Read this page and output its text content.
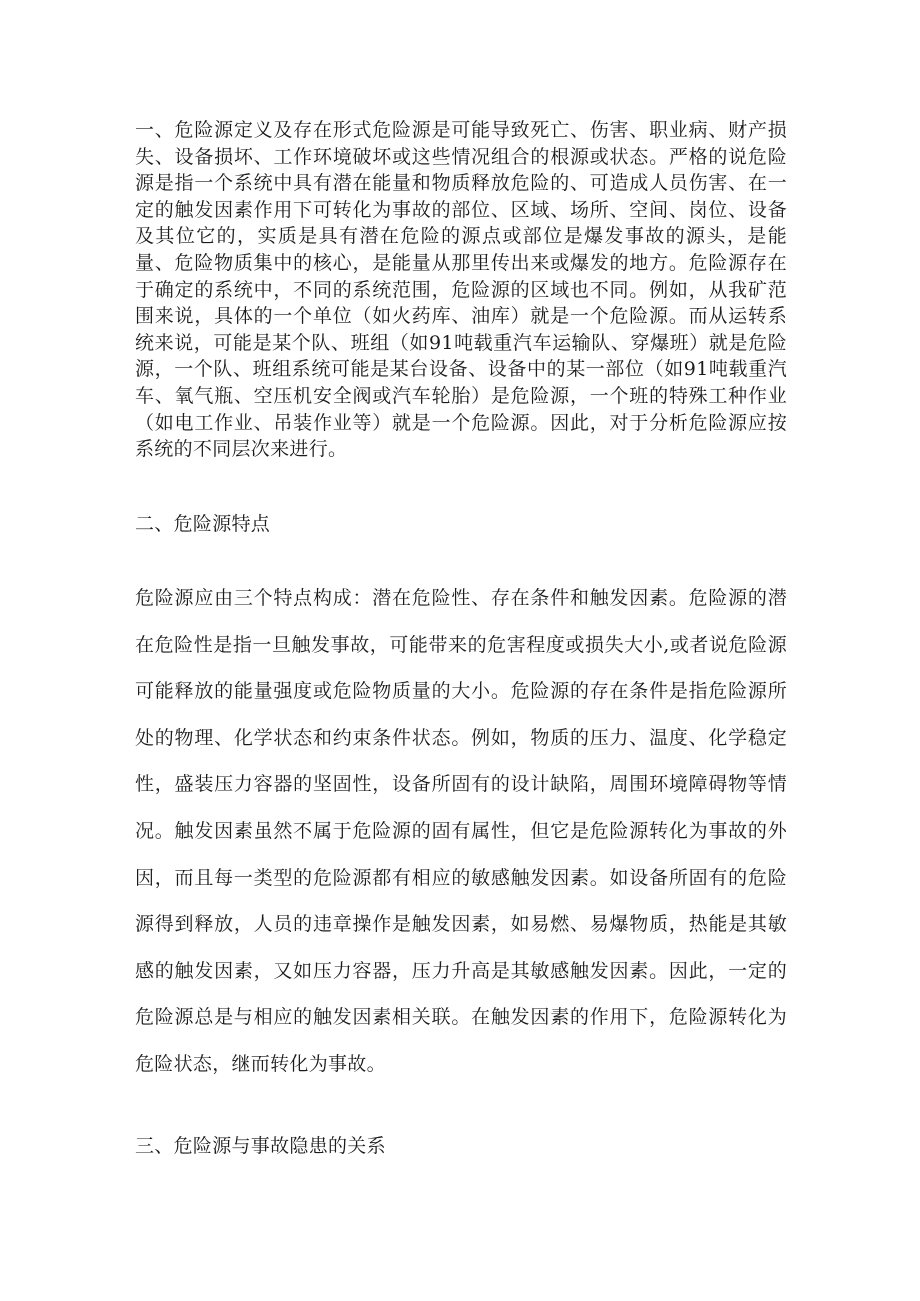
一、危险源定义及存在形式危险源是可能导致死亡、伤害、职业病、财产损失、设备损坏、工作环境破坏或这些情况组合的根源或状态。严格的说危险源是指一个系统中具有潜在能量和物质释放危险的、可造成人员伤害、在一定的触发因素作用下可转化为事故的部位、区域、场所、空间、岗位、设备及其位它的，实质是具有潜在危险的源点或部位是爆发事故的源头，是能量、危险物质集中的核心，是能量从那里传出来或爆发的地方。危险源存在于确定的系统中，不同的系统范围，危险源的区域也不同。例如，从我矿范围来说，具体的一个单位（如火药库、油库）就是一个危险源。而从运转系统来说，可能是某个队、班组（如91吨载重汽车运输队、穿爆班）就是危险源，一个队、班组系统可能是某台设备、设备中的某一部位（如91吨载重汽车、氧气瓶、空压机安全阀或汽车轮胎）是危险源，一个班的特殊工种作业（如电工作业、吊装作业等）就是一个危险源。因此，对于分析危险源应按系统的不同层次来进行。

二、危险源特点

危险源应由三个特点构成：潜在危险性、存在条件和触发因素。危险源的潜在危险性是指一旦触发事故，可能带来的危害程度或损失大小,或者说危险源可能释放的能量强度或危险物质量的大小。危险源的存在条件是指危险源所处的物理、化学状态和约束条件状态。例如，物质的压力、温度、化学稳定性，盛装压力容器的坚固性，设备所固有的设计缺陷，周围环境障碍物等情况。触发因素虽然不属于危险源的固有属性，但它是危险源转化为事故的外因，而且每一类型的危险源都有相应的敏感触发因素。如设备所固有的危险源得到释放，人员的违章操作是触发因素，如易燃、易爆物质，热能是其敏感的触发因素，又如压力容器，压力升高是其敏感触发因素。因此，一定的危险源总是与相应的触发因素相关联。在触发因素的作用下，危险源转化为危险状态，继而转化为事故。

三、危险源与事故隐患的关系
